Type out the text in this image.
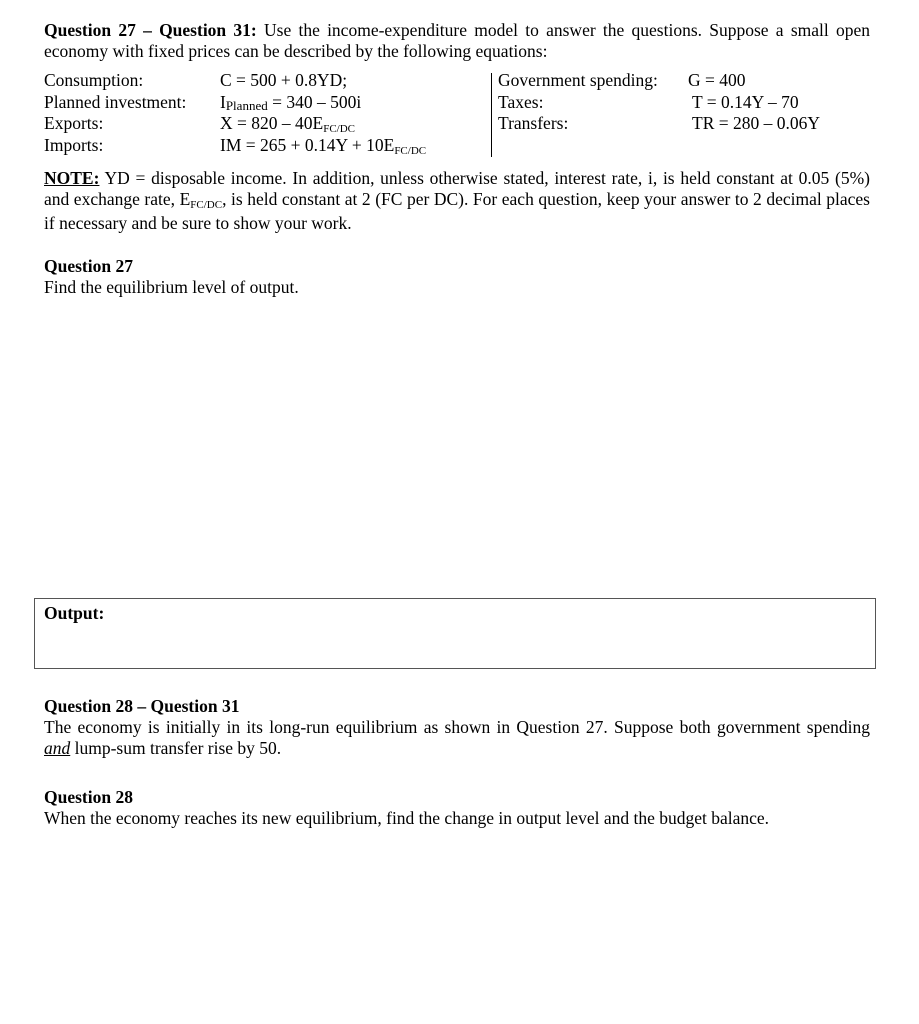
Question 27 – Question 31: Use the income-expenditure model to answer the questions. Suppose a small open economy with fixed prices can be described by the following equations:

Consumption:	C = 500 + 0.8YD;
Planned investment: IPlanned = 340 – 500i
Exports:	X = 820 – 40EFC/DC
Imports:	IM = 265 + 0.14Y + 10EFC/DC
Government spending: G = 400
Taxes:	T = 0.14Y – 70
Transfers:	TR = 280 – 0.06Y

NOTE: YD = disposable income. In addition, unless otherwise stated, interest rate, i, is held constant at 0.05 (5%) and exchange rate, EFC/DC, is held constant at 2 (FC per DC). For each question, keep your answer to 2 decimal places if necessary and be sure to show your work.

Question 27

Find the equilibrium level of output.

Output:

Question 28 – Question 31

The economy is initially in its long-run equilibrium as shown in Question 27. Suppose both government spending and lump-sum transfer rise by 50.

Question 28

When the economy reaches its new equilibrium, find the change in output level and the budget balance.
